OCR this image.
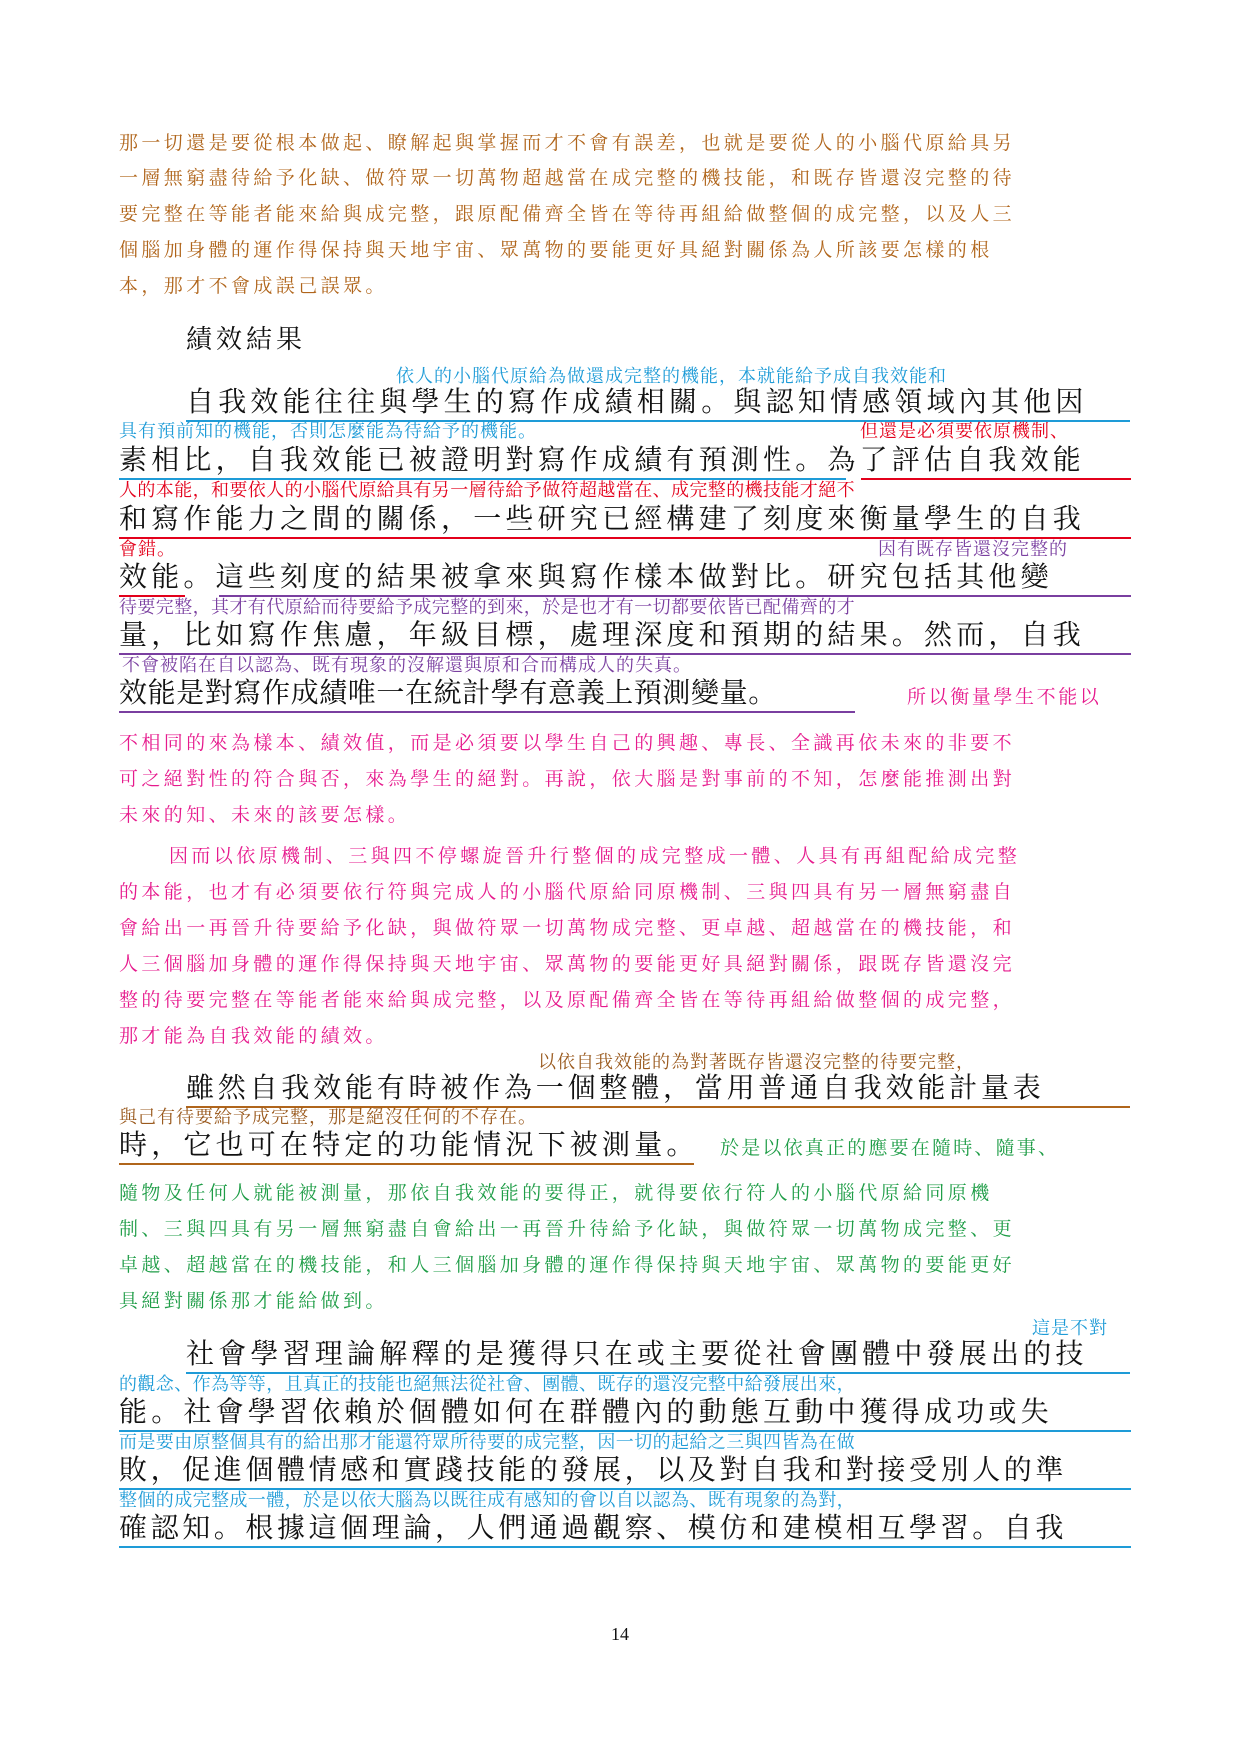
那一切還是要從根本做起、瞭解起與掌握而才不會有誤差，也就是要從人的小腦代原給具另
一層無窮盡待給予化缺、做符眾一切萬物超越當在成完整的機技能，和既存皆還沒完整的待
要完整在等能者能來給與成完整，跟原配備齊全皆在等待再組給做整個的成完整，以及人三
個腦加身體的運作得保持與天地宇宙、眾萬物的要能更好具絕對關係為人所該要怎樣的根
本，那才不會成誤己誤眾。
績效結果
依人的小腦代原給為做還成完整的機能，本就能給予成自我效能和
自我效能往往與學生的寫作成績相關。與認知情感領域內其他因
具有預前知的機能，否則怎麼能為待給予的機能。	但還是必須要依原機制、
素相比，自我效能已被證明對寫作成績有預測性。為了評估自我效能
人的本能，和要依人的小腦代原給具有另一層待給予做符超越當在、成完整的機技能才絕不
和寫作能力之間的關係，一些研究已經構建了刻度來衡量學生的自我
會錯。	因有既存皆還沒完整的
效能。這些刻度的結果被拿來與寫作樣本做對比。研究包括其他變
待要完整，其才有代原給而待要給予成完整的到來，於是也才有一切都要依皆已配備齊的才
量，比如寫作焦慮，年級目標，處理深度和預期的結果。然而，自我
不會被陷在自以認為、既有現象的沒解還與原和合而構成人的失真。
效能是對寫作成績唯一在統計學有意義上預測變量。	所以衡量學生不能以
不相同的來為樣本、績效值，而是必須要以學生自己的興趣、專長、全識再依未來的非要不
可之絕對性的符合與否，來為學生的絕對。再說，依大腦是對事前的不知，怎麼能推測出對
未來的知、未來的該要怎樣。
因而以依原機制、三與四不停螺旋晉升行整個的成完整成一體、人具有再組配給成完整
的本能，也才有必須要依行符與完成人的小腦代原給同原機制、三與四具有另一層無窮盡自
會給出一再晉升待要給予化缺，與做符眾一切萬物成完整、更卓越、超越當在的機技能，和
人三個腦加身體的運作得保持與天地宇宙、眾萬物的要能更好具絕對關係，跟既存皆還沒完
整的待要完整在等能者能來給與成完整，以及原配備齊全皆在等待再組給做整個的成完整，
那才能為自我效能的績效。
以依自我效能的為對著既存皆還沒完整的待要完整，
雖然自我效能有時被作為一個整體，當用普通自我效能計量表
與己有待要給予成完整，那是絕沒任何的不存在。
時，它也可在特定的功能情況下被測量。 於是以依真正的應要在隨時、隨事、
隨物及任何人就能被測量，那依自我效能的要得正，就得要依行符人的小腦代原給同原機
制、三與四具有另一層無窮盡自會給出一再晉升待給予化缺，與做符眾一切萬物成完整、更
卓越、超越當在的機技能，和人三個腦加身體的運作得保持與天地宇宙、眾萬物的要能更好
具絕對關係那才能給做到。
這是不對
社會學習理論解釋的是獲得只在或主要從社會團體中發展出的技
的觀念、作為等等，且真正的技能也絕無法從社會、團體、既存的還沒完整中給發展出來，
能。社會學習依賴於個體如何在群體內的動態互動中獲得成功或失
而是要由原整個具有的給出那才能還符眾所待要的成完整，因一切的起給之三與四皆為在做
敗，促進個體情感和實踐技能的發展，以及對自我和對接受別人的準
整個的成完整成一體，於是以依大腦為以既往成有感知的會以自以認為、既有現象的為對，
確認知。根據這個理論，人們通過觀察、模仿和建模相互學習。自我
14
